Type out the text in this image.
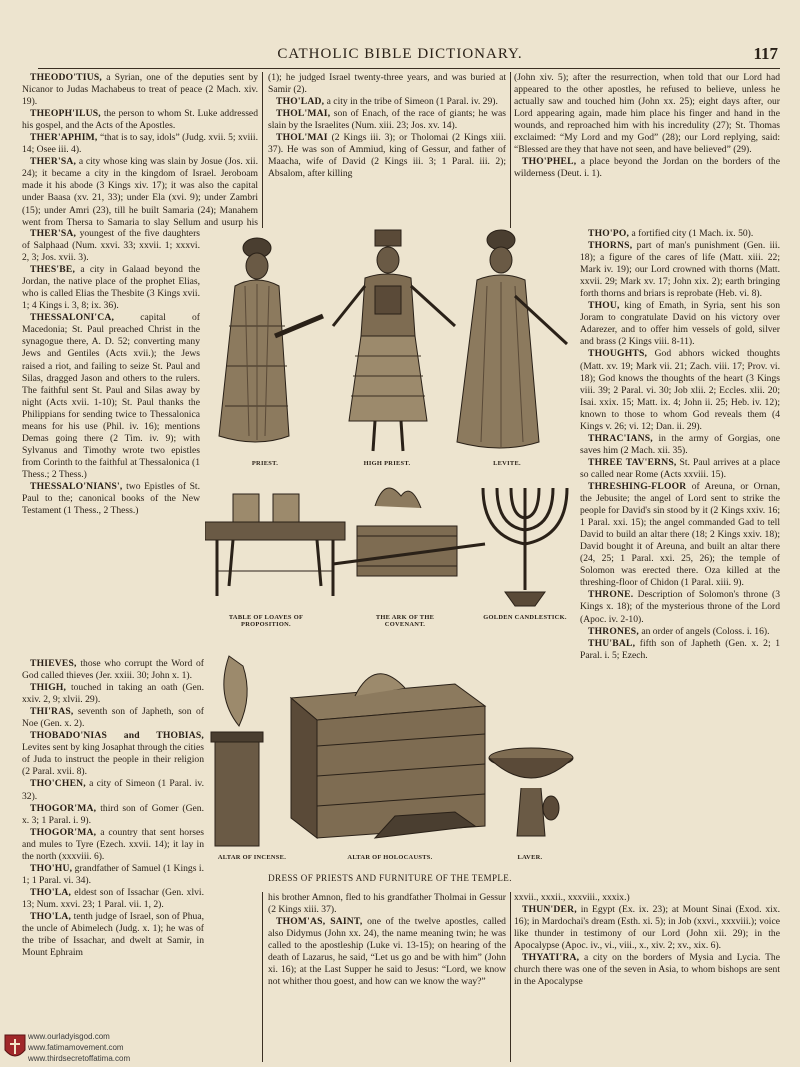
CATHOLIC BIBLE DICTIONARY.	117

THEODO'TIUS, a Syrian, one of the deputies sent by Nicanor to Judas Machabeus to treat of peace (2 Mach. xiv. 19).

THEOPH'ILUS, the person to whom St. Luke addressed his gospel, and the Acts of the Apostles.

THER'APHIM, “that is to say, idols” (Judg. xvii. 5; xviii. 14; Osee iii. 4).

THER'SA, a city whose king was slain by Josue (Jos. xii. 24); it became a city in the kingdom of Israel. Jeroboam made it his abode (3 Kings xiv. 17); it was also the capital under Baasa (xv. 21, 33); under Ela (xvi. 9); under Zambri (15); under Amri (23), till he built Samaria (24); Manahem went from Thersa to Samaria to slay Sellum and usurp his

THER'SA, youngest of the five daughters of Salphaad (Num. xxvi. 33; xxvii. 1; xxxvi. 2, 3; Jos. xvii. 3).

THES'BE, a city in Galaad beyond the Jordan, the native place of the prophet Elias, who is called Elias the Thesbite (3 Kings xvii. 1; 4 Kings i. 3, 8; ix. 36).

THESSALONI'CA, capital of Macedonia; St. Paul preached Christ in the synagogue there, A. D. 52; converting many Jews and Gentiles (Acts xvii.); the Jews raised a riot, and failing to seize St. Paul and Silas, dragged Jason and others to the rulers. The faithful sent St. Paul and Silas away by night (Acts xvii. 1-10); St. Paul thanks the Philippians for sending twice to Thessalonica means for his use (Phil. iv. 16); mentions Demas going there (2 Tim. iv. 9); with Sylvanus and Timothy wrote two epistles from Corinth to the faithful at Thessalonica (1 Thess.; 2 Thess.)

THESSALO'NIANS', two Epistles of St. Paul to the; canonical books of the New Testament (1 Thess., 2 Thess.)

THIEVES, those who corrupt the Word of God called thieves (Jer. xxiii. 30; John x. 1).

THIGH, touched in taking an oath (Gen. xxiv. 2, 9; xlvii. 29).

THI'RAS, seventh son of Japheth, son of Noe (Gen. x. 2).

THOBADO'NIAS and THOBIAS, Levites sent by king Josaphat through the cities of Juda to instruct the people in their religion (2 Paral. xvii. 8).

THO'CHEN, a city of Simeon (1 Paral. iv. 32).

THOGOR'MA, third son of Gomer (Gen. x. 3; 1 Paral. i. 9).

THOGOR'MA, a country that sent horses and mules to Tyre (Ezech. xxvii. 14); it lay in the north (xxxviii. 6).

THO'HU, grandfather of Samuel (1 Kings i. 1; 1 Paral. vi. 34).

THO'LA, eldest son of Issachar (Gen. xlvi. 13; Num. xxvi. 23; 1 Paral. vii. 1, 2).

THO'LA, tenth judge of Israel, son of Phua, the uncle of Abimelech (Judg. x. 1); he was of the tribe of Issachar, and dwelt at Samir, in Mount Ephraim

(1); he judged Israel twenty-three years, and was buried at Samir (2).

THO'LAD, a city in the tribe of Simeon (1 Paral. iv. 29).

THOL'MAI, son of Enach, of the race of giants; he was slain by the Israelites (Num. xiii. 23; Jos. xv. 14).

THOL'MAI (2 Kings iii. 3); or Tholomai (2 Kings xiii. 37). He was son of Ammiud, king of Gessur, and father of Maacha, wife of David (2 Kings iii. 3; 1 Paral. iii. 2); Absalom, after killing

(John xiv. 5); after the resurrection, when told that our Lord had appeared to the other apostles, he refused to believe, unless he actually saw and touched him (John xx. 25); eight days after, our Lord appearing again, made him place his finger and hand in the wounds, and reproached him with his incredulity (27); St. Thomas exclaimed: “My Lord and my God” (28); our Lord replying, said: “Blessed are they that have not seen, and have believed” (29).

THO'PHEL, a place beyond the Jordan on the borders of the wilderness (Deut. i. 1).

THO'PO, a fortified city (1 Mach. ix. 50).

THORNS, part of man's punishment (Gen. iii. 18); a figure of the cares of life (Matt. xiii. 22; Mark iv. 19); our Lord crowned with thorns (Matt. xxvii. 29; Mark xv. 17; John xix. 2); earth bringing forth thorns and briars is reprobate (Heb. vi. 8).

THOU, king of Emath, in Syria, sent his son Joram to congratulate David on his victory over Adarezer, and to offer him vessels of gold, silver and brass (2 Kings viii. 8-11).

THOUGHTS, God abhors wicked thoughts (Matt. xv. 19; Mark vii. 21; Zach. viii. 17; Prov. vi. 18); God knows the thoughts of the heart (3 Kings viii. 39; 2 Paral. vi. 30; Job xlii. 2; Eccles. xlii. 20; Isai. xxix. 15; Matt. ix. 4; John ii. 25; Heb. iv. 12); known to those to whom God reveals them (4 Kings v. 26; vi. 12; Dan. ii. 29).

THRAC'IANS, in the army of Gorgias, one saves him (2 Mach. xii. 35).

THREE TAV'ERNS, St. Paul arrives at a place so called near Rome (Acts xxviii. 15).

THRESHING-FLOOR of Areuna, or Ornan, the Jebusite; the angel of Lord sent to strike the people for David's sin stood by it (2 Kings xxiv. 16; 1 Paral. xxi. 15); the angel commanded Gad to tell David to build an altar there (18; 2 Kings xxiv. 18); David bought it of Areuna, and built an altar there (24, 25; 1 Paral. xxi. 25, 26); the temple of Solomon was erected there. Oza killed at the threshing-floor of Chidon (1 Paral. xiii. 9).

THRONE. Description of Solomon's throne (3 Kings x. 18); of the mysterious throne of the Lord (Apoc. iv. 2-10).

THRONES, an order of angels (Coloss. i. 16).

THU'BAL, fifth son of Japheth (Gen. x. 2; 1 Paral. i. 5; Ezech.

his brother Amnon, fled to his grandfather Tholmai in Gessur (2 Kings xiii. 37).

THOM'AS, SAINT, one of the twelve apostles, called also Didymus (John xx. 24), the name meaning twin; he was called to the apostleship (Luke vi. 13-15); on hearing of the death of Lazarus, he said, “Let us go and be with him” (John xi. 16); at the Last Supper he said to Jesus: “Lord, we know not whither thou goest, and how can we know the way?”

xxvii., xxxii., xxxviii., xxxix.)

THUN'DER, in Egypt (Ex. ix. 23); at Mount Sinai (Exod. xix. 16); in Mardochai's dream (Esth. xi. 5); in Job (xxvi., xxxviii.); voice like thunder in testimony of our Lord (John xii. 29); in the Apocalypse (Apoc. iv., vi., viii., x., xiv. 2; xv., xix. 6).

THYATI'RA, a city on the borders of Mysia and Lycia. The church there was one of the seven in Asia, to whom bishops are sent in the Apocalypse

PRIEST.	HIGH PRIEST.	LEVITE.
TABLE OF LOAVES OF PROPOSITION.
THE ARK OF THE COVENANT.
GOLDEN CANDLESTICK.
ALTAR OF INCENSE.	ALTAR OF HOLOCAUSTS.	LAVER.
DRESS OF PRIESTS AND FURNITURE OF THE TEMPLE.
www.ourladyisgod.com
www.fatimamovement.com
www.thirdsecretoffatima.com
